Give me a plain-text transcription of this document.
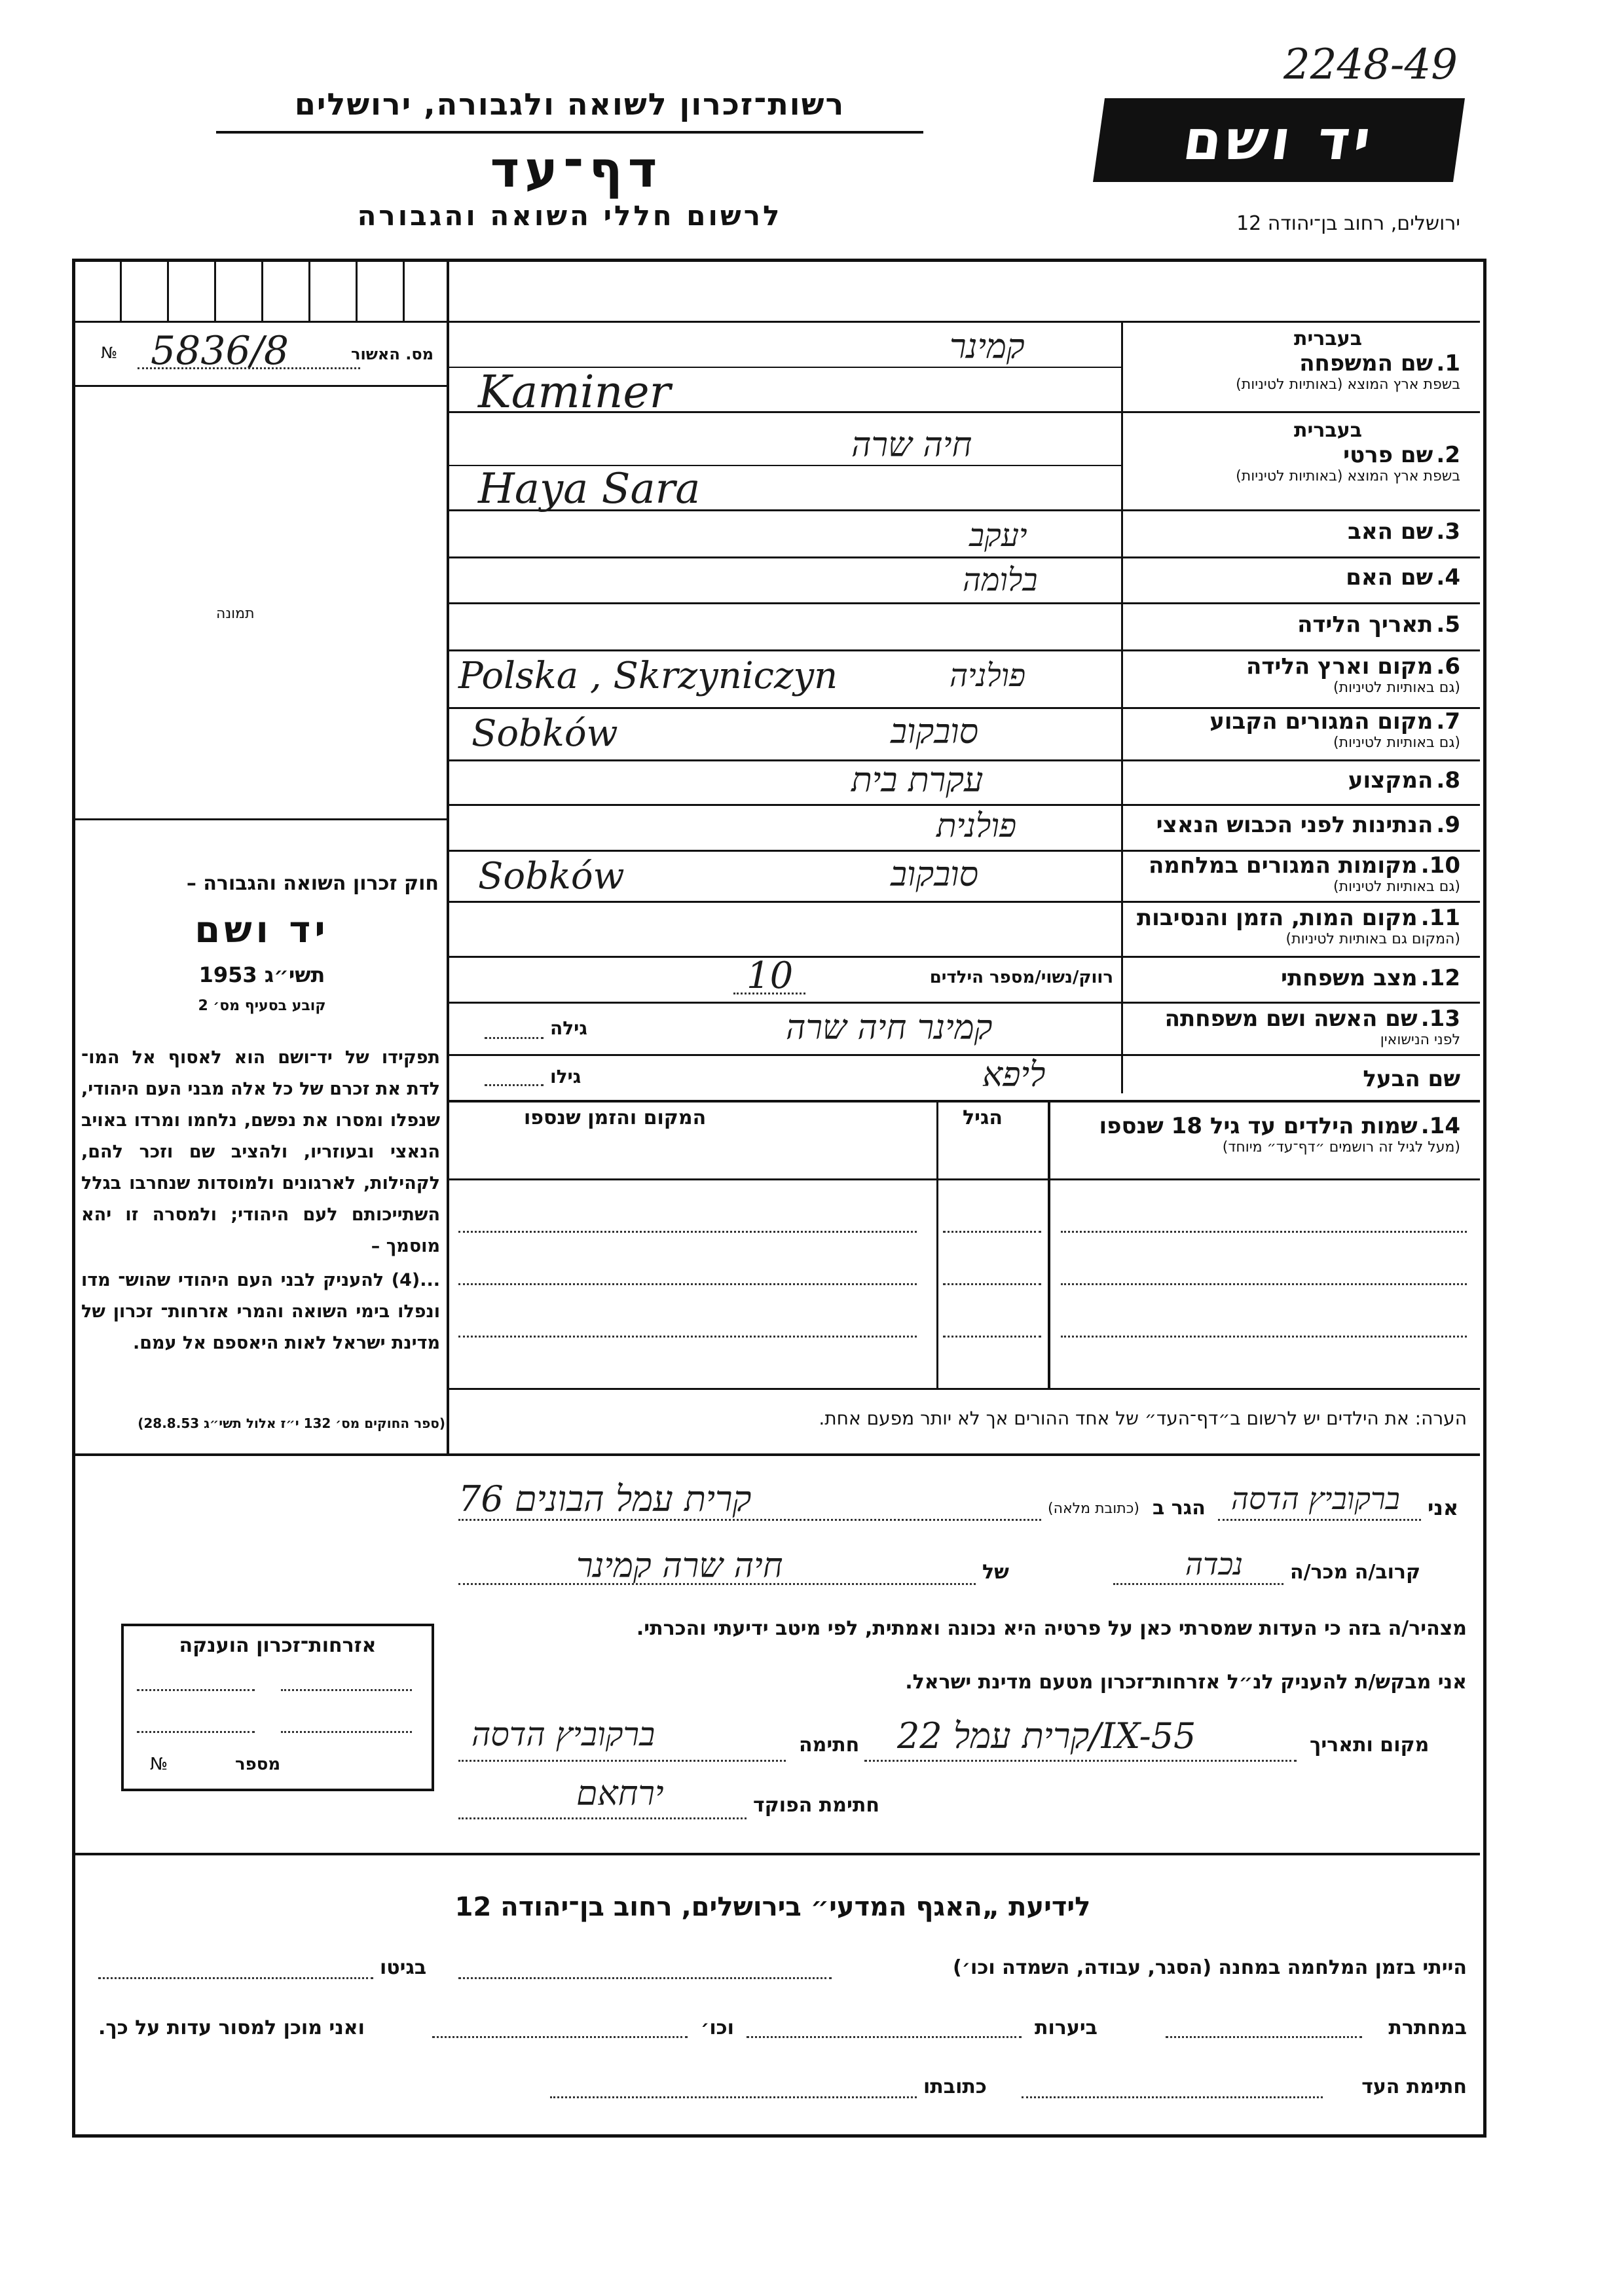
רשות־זכרון לשואה ולגבורה, ירושלים
דף־עד
לרשום חללי השואה והגבורה
יד ושם
2248-49
ירושלים, רחוב בן־יהודה 12
№ 5836/8	מס. האשור
תמונה
חוק זכרון השואה והגבורה –
יד ושם
תשי״ג 1953
קובע בסעיף מס׳ 2
תפקידו של יד־ושם הוא לאסוף אל המו־ לדת את זכרם של כל אלה מבני העם היהודי, שנפלו ומסרו את נפשם, נלחמו ומרדו באויב הנאצי ובעוזריו, ולהציב שם וזכר להם, לקהילות, לארגונים ולמוסדות שנחרבו בגלל השתייכותם לעם היהודי; ולמסרה זו יהא מוסמך –
...(4) להעניק לבני העם היהודי שהוש־ מדו ונפלו בימי השואה והמרי אזרחות־ זכרון של מדינת ישראל לאות היאספם אל עמם.
(ספר החוקים מס׳ 132 י״ז אלול תשי״ג 28.8.53)
בעברית
1. שם המשפחה
בשפת ארץ המוצא (באותיות לטיניות)
קמינר
Kaminer
בעברית
2. שם פרטי
בשפת ארץ המוצא (באותיות לטיניות)
חיה שרה
Haya Sara
3. שם האב
יעקב
4. שם האם
בלומה
5. תאריך הלידה
6. מקום וארץ הלידה
(גם באותיות לטיניות)
Polska , Skrzyniczyn	פולניה
7. מקום המגורים הקבוע
(גם באותיות לטיניות)
Sobków	סובקוב
8. המקצוע
עקרת בית
9. הנתינות לפני הכבוש הנאצי
פולנית
10. מקומות המגורים במלחמה
(גם באותיות לטיניות)
Sobków	סובקוב
11. מקום המות, הזמן והנסיבות
(המקום גם באותיות לטיניות)
12. מצב משפחתי
רווק/נשוי/מספר הילדים
10
13. שם האשה ושם משפחתה
לפני הנישואין
קמינר חיה שרה
גילה
שם הבעל
ליפא
גילו
14. שמות הילדים עד גיל 18 שנספו
(מעל לגיל זה רושמים ״דף־עד״ מיוחד)
הגיל
המקום והזמן שנספו
הערה: את הילדים יש לרשום ב״דף־העד״ של אחד ההורים אך לא יותר מפעם אחת.
אני
ברקוביץ הדסה
הגר ב
(כתובת מלאה)
קרית עמל הבונים 76
קרוב/ה מכר/ה
נכדה
של
חיה שרה קמינר
מצהיר/ה בזה כי העדות שמסרתי כאן על פרטיה היא נכונה ואמתית, לפי מיטב ידיעתי והכרתי.
אני מבקש/ת להעניק לנ״ל אזרחות־זכרון מטעם מדינת ישראל.
מקום ותאריך
קרית עמל 22/IX-55
חתימה
ברקוביץ הדסה
חתימת הפוקד
ירחאם
אזרחות־זכרון הוענקה
מספר
№
לידיעת „האגף המדעי״ בירושלים, רחוב בן־יהודה 12
הייתי בזמן המלחמה במחנה (הסגר, עבודה, השמדה וכו׳)
בגיטו
במחתרת
ביערות
וכו׳
ואני מוכן למסור עדות על כך.
חתימת העד
כתובתו
